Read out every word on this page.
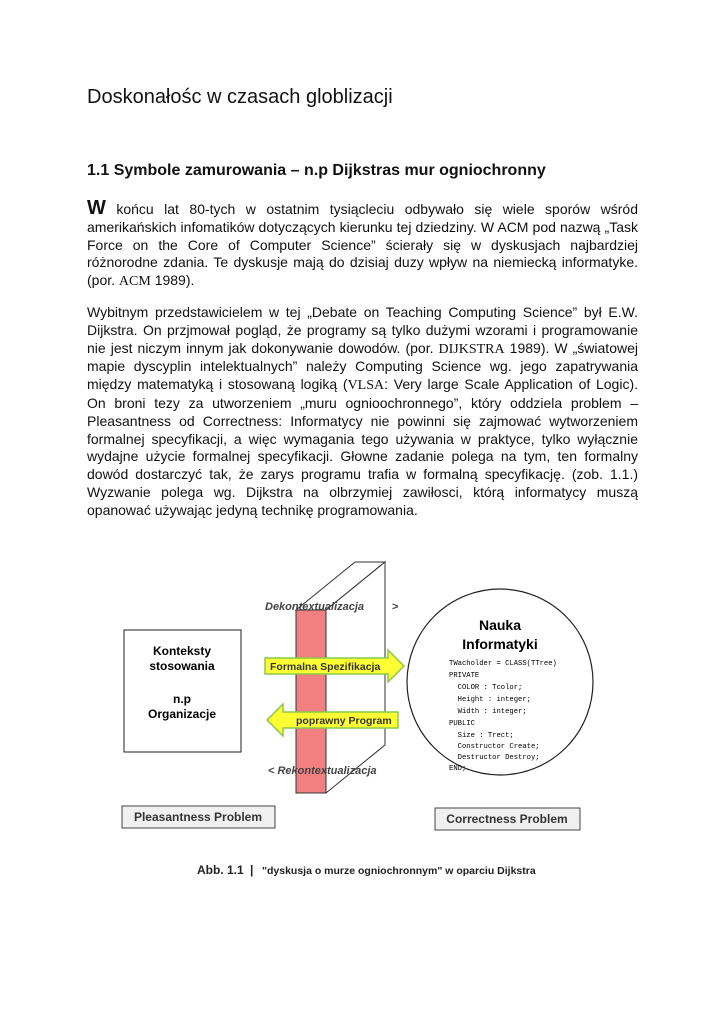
Doskonałośc w czasach globlizacji
1.1 Symbole zamurowania – n.p Dijkstras mur ogniochronny

W końcu lat 80-tych w ostatnim tysiącleciu odbywało się wiele sporów wśród amerikańskich infomatików dotyczących kierunku tej dziedziny. W ACM pod nazwą „Task Force on the Core of Computer Science” ścierały się w dyskusjach najbardziej różnorodne zdania. Te dyskusje mają do dzisiaj duzy wpływ na niemiecką informatyke. (por. ACM 1989).

Wybitnym przedstawicielem w tej „Debate on Teaching Computing Science” był E.W. Dijkstra. On przjmował pogląd, że programy są tylko dużymi wzorami i programowanie nie jest niczym innym jak dokonywanie dowodów. (por. DIJKSTRA 1989). W „światowej mapie dyscyplin intelektualnych” należy Computing Science wg. jego zapatrywania między matematyką i stosowaną logiką (VLSA: Very large Scale Application of Logic). On broni tezy za utworzeniem „muru ognioochronnego”, który oddziela problem – Pleasantness od Correctness: Informatycy nie powinni się zajmować wytworzeniem formalnej specyfikacji, a więc wymagania tego używania w praktyce, tylko wyłącznie wydajne użycie formalnej specyfikacji. Głowne zadanie polega na tym, ten formalny dowód dostarczyć tak, że zarys programu trafia w formalną specyfikację. (zob. 1.1.) Wyzwanie polega wg. Dijkstra na olbrzymiej zawiłosci, którą informatycy muszą opanować używając jedyną technikę programowania.

Dekontextualizacja	>
< Rekontextualizacja
Konteksty
stosowania
n.p
Organizacje
Formalna Spezifikacja
poprawny Program
Nauka
Informatyki
TWacholder = CLASS(TTree)
PRIVATE
COLOR : Tcolor;
Height : integer;
Width : integer;
PUBLIC
Size : Trect;
Constructor Create;
Destructor Destroy;
END;
Pleasantness Problem	Correctness Problem
Abb. 1.1 | "dyskusja o murze ogniochronnym" w oparciu Dijkstra
